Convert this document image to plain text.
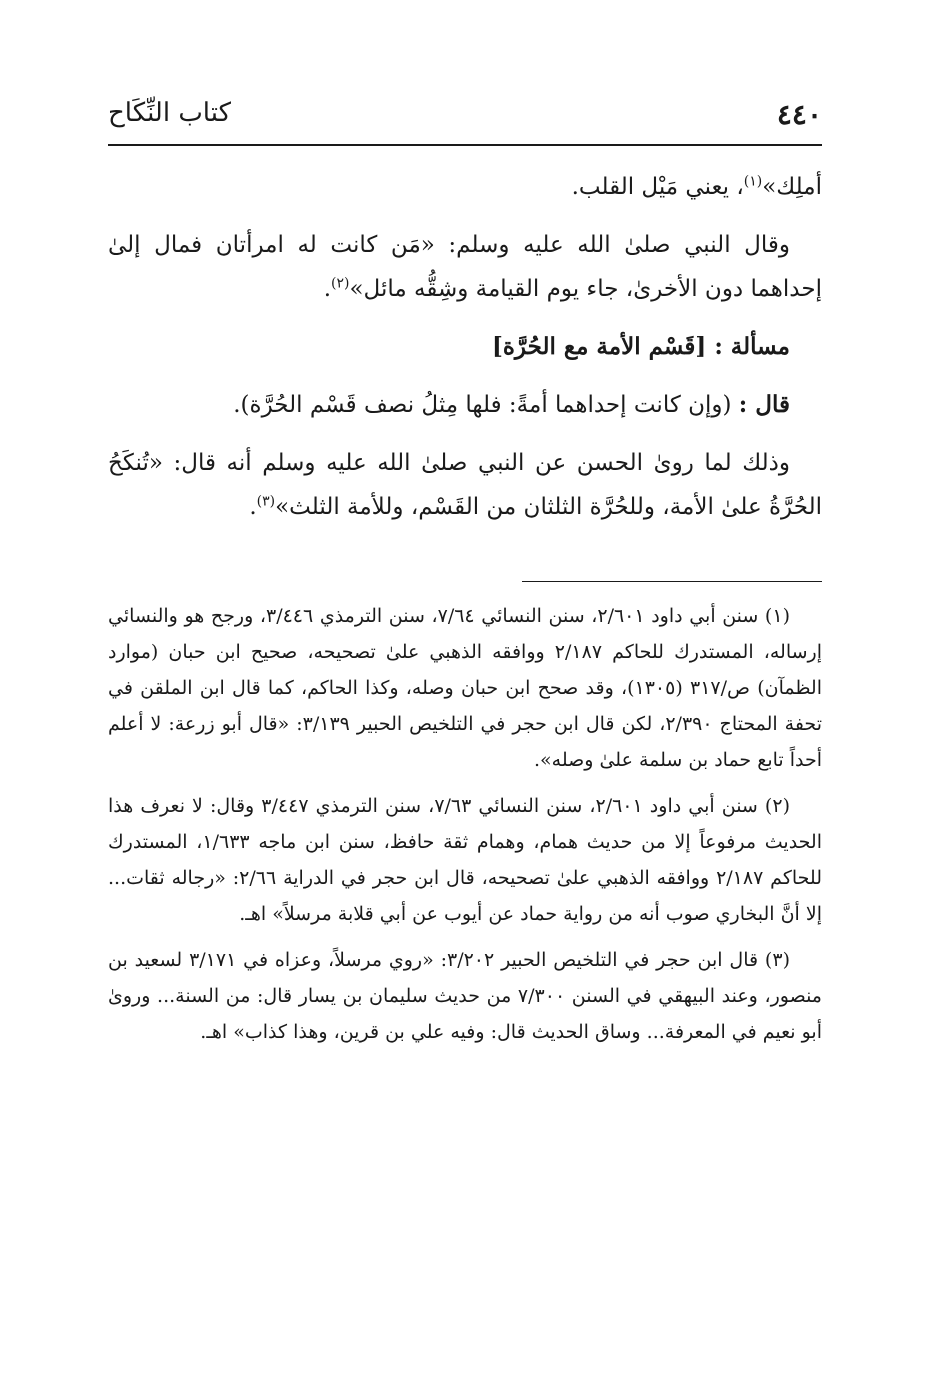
٤٤٠
كتاب النِّكَاح

أملِك»$^{(١)}$، يعني مَيْل القلب.

وقال النبي صلىٰ الله عليه وسلم: «مَن كانت له امرأتان فمال إلىٰ إحداهما دون الأخرىٰ، جاء يوم القيامة وشِقُّه مائل»$^{(٢)}$.

مسألة : [قَسْم الأمة مع الحُرَّة]

قال : (وإن كانت إحداهما أمةً: فلها مِثلُ نصف قَسْم الحُرَّة).

وذلك لما روىٰ الحسن عن النبي صلىٰ الله عليه وسلم أنه قال: «تُنكَحُ الحُرَّةُ علىٰ الأمة، وللحُرَّة الثلثان من القَسْم، وللأمة الثلث»$^{(٣)}$.

(١) سنن أبي داود ٢/٦٠١، سنن النسائي ٧/٦٤، سنن الترمذي ٣/٤٤٦، ورجح هو والنسائي إرساله، المستدرك للحاكم ٢/١٨٧ ووافقه الذهبي علىٰ تصحيحه، صحيح ابن حبان (موارد الظمآن) ص/٣١٧ (١٣٠٥)، وقد صحح ابن حبان وصله، وكذا الحاكم، كما قال ابن الملقن في تحفة المحتاج ٢/٣٩٠، لكن قال ابن حجر في التلخيص الحبير ٣/١٣٩: «قال أبو زرعة: لا أعلم أحداً تابع حماد بن سلمة علىٰ وصله».

(٢) سنن أبي داود ٢/٦٠١، سنن النسائي ٧/٦٣، سنن الترمذي ٣/٤٤٧ وقال: لا نعرف هذا الحديث مرفوعاً إلا من حديث همام، وهمام ثقة حافظ، سنن ابن ماجه ١/٦٣٣، المستدرك للحاكم ٢/١٨٧ ووافقه الذهبي علىٰ تصحيحه، قال ابن حجر في الدراية ٢/٦٦: «رجاله ثقات... إلا أنَّ البخاري صوب أنه من رواية حماد عن أيوب عن أبي قلابة مرسلاً» اهـ.

(٣) قال ابن حجر في التلخيص الحبير ٣/٢٠٢: «روي مرسلاً، وعزاه في ٣/١٧١ لسعيد بن منصور، وعند البيهقي في السنن ٧/٣٠٠ من حديث سليمان بن يسار قال: من السنة... وروىٰ أبو نعيم في المعرفة... وساق الحديث قال: وفيه علي بن قرين، وهذا كذاب» اهـ.
